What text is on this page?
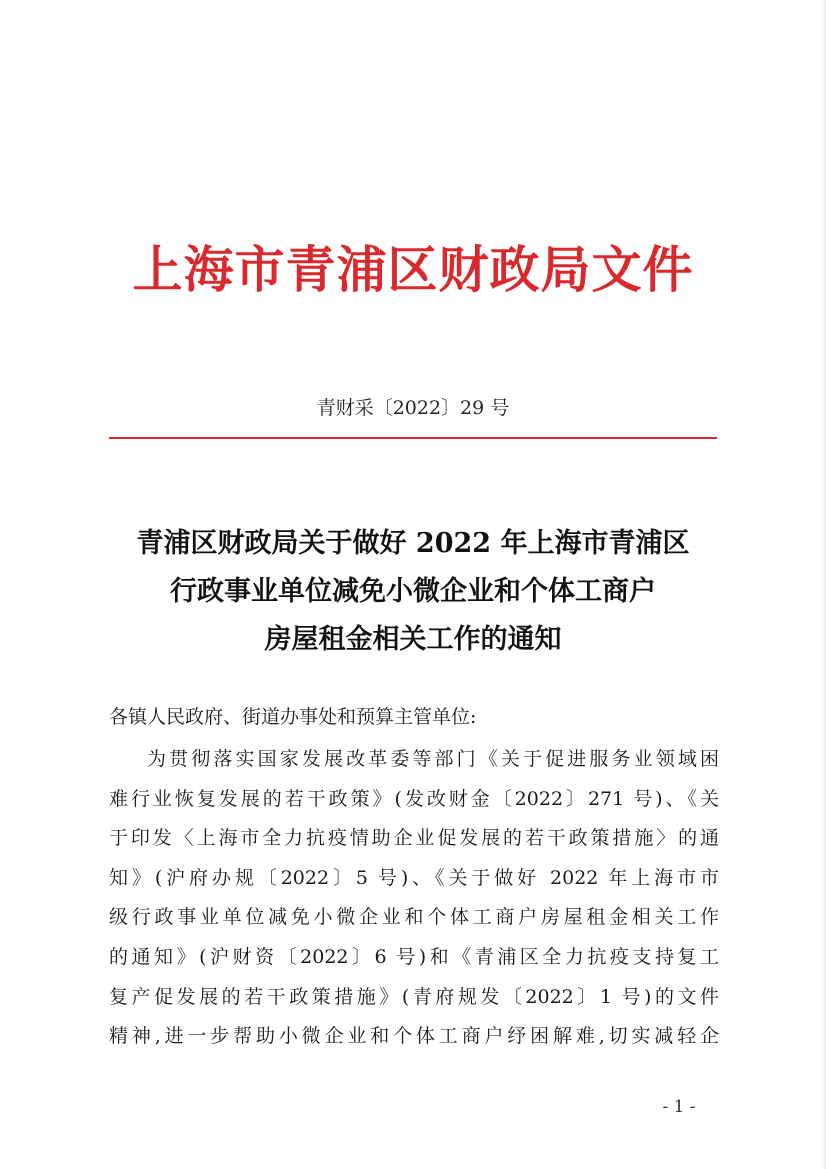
上海市青浦区财政局文件
青财采〔2022〕29 号
青浦区财政局关于做好 2022 年上海市青浦区
行政事业单位减免小微企业和个体工商户
房屋租金相关工作的通知
各镇人民政府、街道办事处和预算主管单位:
为贯彻落实国家发展改革委等部门《关于促进服务业领域困
难行业恢复发展的若干政策》(发改财金〔2022〕271 号)、《关
于印发〈上海市全力抗疫情助企业促发展的若干政策措施〉的通
知》(沪府办规〔2022〕5 号)、《关于做好 2022 年上海市市
级行政事业单位减免小微企业和个体工商户房屋租金相关工作
的通知》(沪财资〔2022〕6 号)和《青浦区全力抗疫支持复工
复产促发展的若干政策措施》(青府规发〔2022〕1 号)的文件
精神,进一步帮助小微企业和个体工商户纾困解难,切实减轻企
- 1 -
